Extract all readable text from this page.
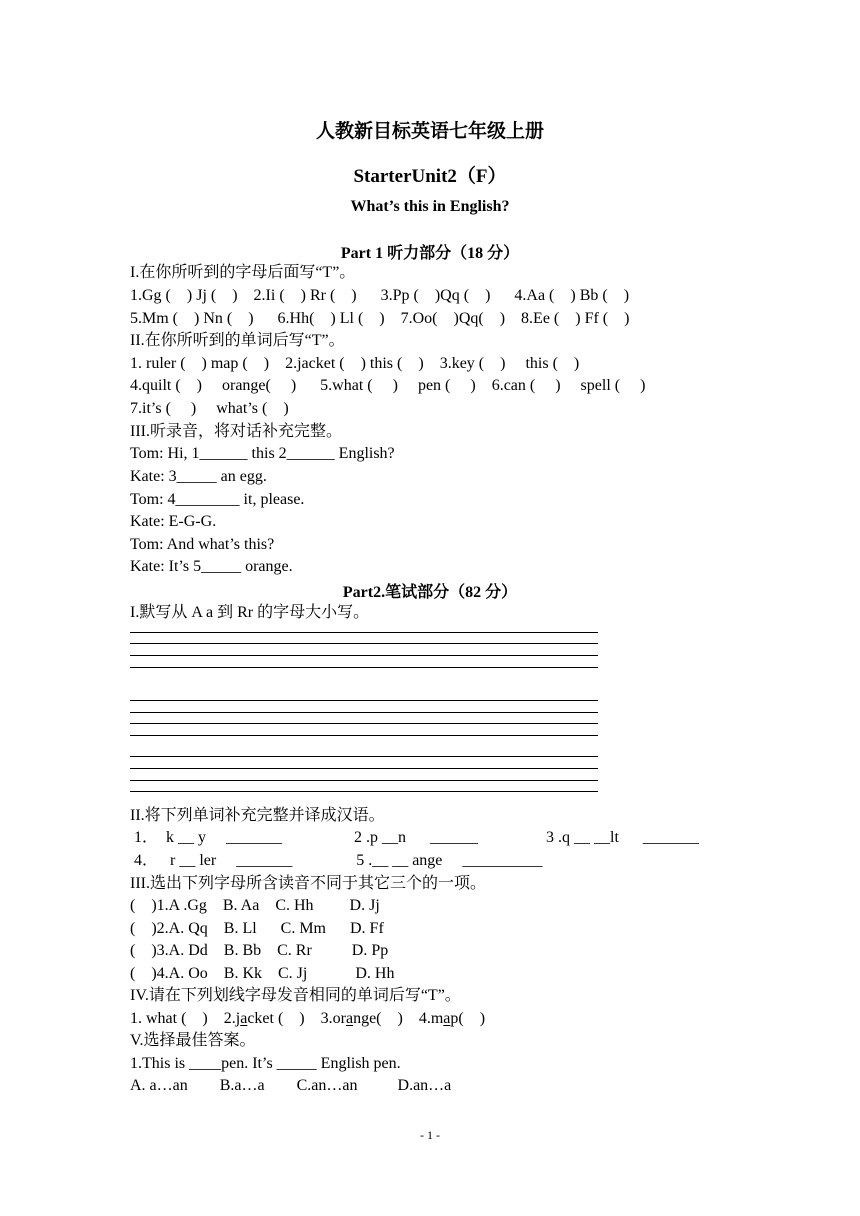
人教新目标英语七年级上册
StarterUnit2（F）
What’s this in English?
Part 1 听力部分（18 分）
I.在你所听到的字母后面写“T”。
1.Gg (    ) Jj (    )    2.Ii (    ) Rr (    )      3.Pp (    )Qq (    )      4.Aa (    ) Bb (    )
5.Mm (    ) Nn (    )      6.Hh(    ) Ll (    )    7.Oo(    )Qq(    )    8.Ee (    ) Ff (    )
II.在你所听到的单词后写“T”。
1. ruler (    ) map (    )    2.jacket (    ) this (    )    3.key (    )     this (    )
4.quilt (    )     orange(     )      5.what (     )     pen (     )    6.can (     )     spell (     )
7.it’s (     )     what’s (    )
III.听录音，将对话补充完整。
Tom: Hi, 1______ this 2______ English?
Kate: 3_____ an egg.
Tom: 4________ it, please.
Kate: E-G-G.
Tom: And what’s this?
Kate: It’s 5_____ orange.
Part2.笔试部分（82 分）
I.默写从 A a 到 Rr 的字母大小写。
II.将下列单词补充完整并译成汉语。
1．  k __ y     _______                  2 .p __n      ______                 3 .q __ __lt      _______
4．   r __ ler     _______                5 .__ __ ange     __________
III.选出下列字母所含读音不同于其它三个的一项。
(    )1.A .Gg    B. Aa    C. Hh         D. Jj
(    )2.A. Qq    B. Ll      C. Mm      D. Ff
(    )3.A. Dd    B. Bb    C. Rr          D. Pp
(    )4.A. Oo    B. Kk    C. Jj            D. Hh
IV.请在下列划线字母发音相同的单词后写“T”。
1. what (    )    2.jacket (    )    3.orange(    )    4.map(    )
V.选择最佳答案。
1.This is ____pen. It’s _____ English pen.
A. a…an        B.a…a        C.an…an          D.an…a
- 1 -
